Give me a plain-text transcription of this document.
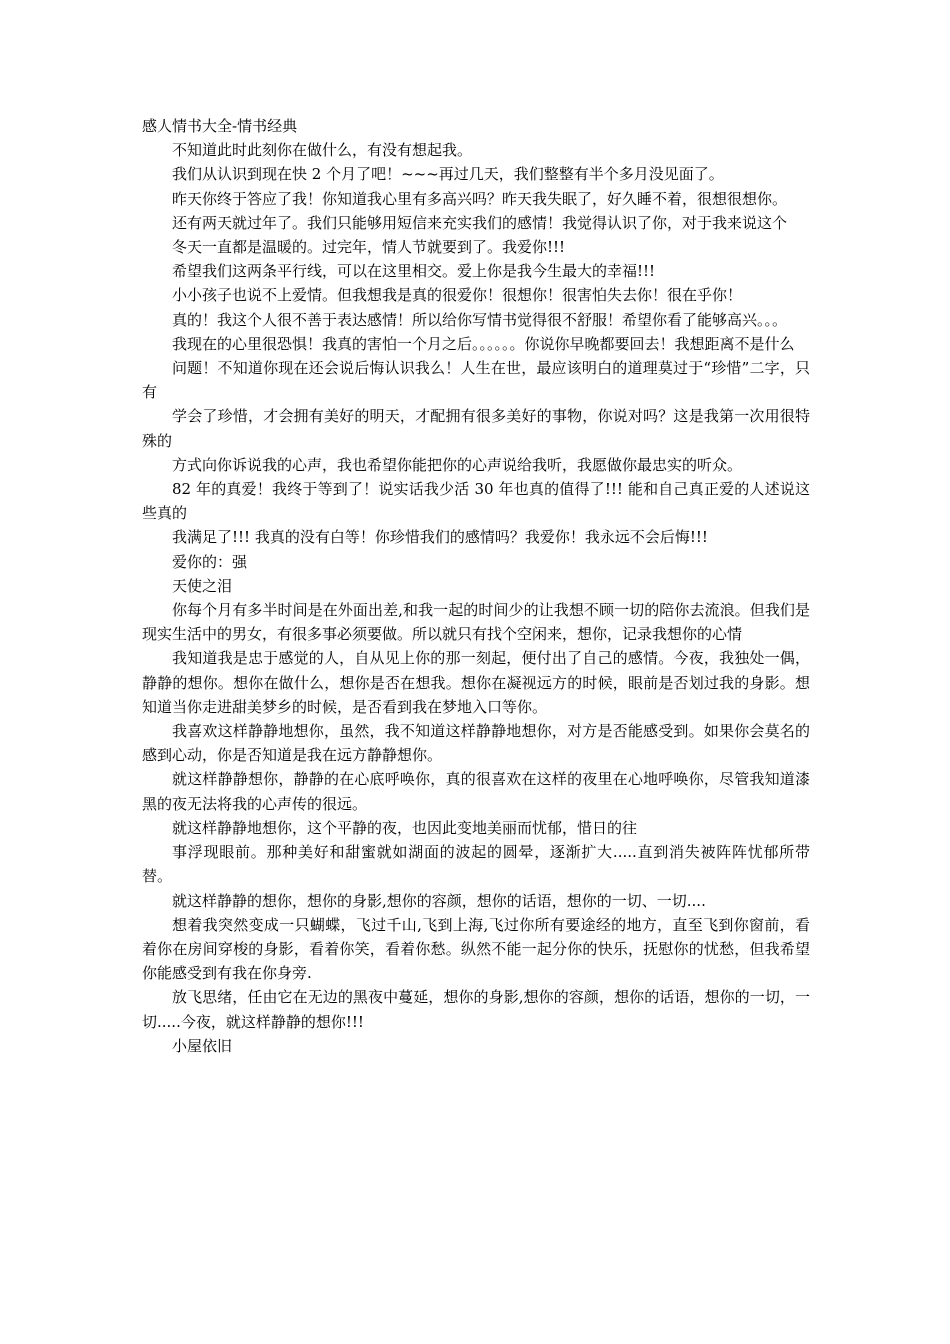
感人情书大全-情书经典

不知道此时此刻你在做什么，有没有想起我。

我们从认识到现在快 2 个月了吧！~~~再过几天，我们整整有半个多月没见面了。

昨天你终于答应了我！你知道我心里有多高兴吗？昨天我失眠了，好久睡不着，很想很想你。

还有两天就过年了。我们只能够用短信来充实我们的感情！我觉得认识了你，对于我来说这个

冬天一直都是温暖的。过完年，情人节就要到了。我爱你!!!

希望我们这两条平行线，可以在这里相交。爱上你是我今生最大的幸福!!!

小小孩子也说不上爱情。但我想我是真的很爱你！很想你！很害怕失去你！很在乎你！

真的！我这个人很不善于表达感情！所以给你写情书觉得很不舒服！希望你看了能够高兴。。。

我现在的心里很恐惧！我真的害怕一个月之后。。。。。。你说你早晚都要回去！我想距离不是什么

问题！不知道你现在还会说后悔认识我么！人生在世，最应该明白的道理莫过于“珍惜”二字，只有

学会了珍惜，才会拥有美好的明天，才配拥有很多美好的事物，你说对吗？这是我第一次用很特殊的

方式向你诉说我的心声，我也希望你能把你的心声说给我听，我愿做你最忠实的听众。

82 年的真爱！我终于等到了！说实话我少活 30 年也真的值得了!!! 能和自己真正爱的人述说这些真的

我满足了!!! 我真的没有白等！你珍惜我们的感情吗？我爱你！我永远不会后悔!!!

爱你的：强

天使之泪

你每个月有多半时间是在外面出差,和我一起的时间少的让我想不顾一切的陪你去流浪。但我们是现实生活中的男女，有很多事必须要做。所以就只有找个空闲来，想你，记录我想你的心情

我知道我是忠于感觉的人，自从见上你的那一刻起，便付出了自己的感情。今夜，我独处一偶，静静的想你。想你在做什么，想你是否在想我。想你在凝视远方的时候，眼前是否划过我的身影。想知道当你走进甜美梦乡的时候，是否看到我在梦地入口等你。

我喜欢这样静静地想你，虽然，我不知道这样静静地想你，对方是否能感受到。如果你会莫名的感到心动，你是否知道是我在远方静静想你。

就这样静静想你，静静的在心底呼唤你，真的很喜欢在这样的夜里在心地呼唤你，尽管我知道漆黑的夜无法将我的心声传的很远。

就这样静静地想你，这个平静的夜，也因此变地美丽而忧郁，惜日的往

事浮现眼前。那种美好和甜蜜就如湖面的波起的圆晕，逐渐扩大.....直到消失被阵阵忧郁所带替。

就这样静静的想你，想你的身影,想你的容颜，想你的话语，想你的一切、一切....

想着我突然变成一只蝴蝶，飞过千山,飞到上海,飞过你所有要途经的地方，直至飞到你窗前，看着你在房间穿梭的身影，看着你笑，看着你愁。纵然不能一起分你的快乐，抚慰你的忧愁，但我希望你能感受到有我在你身旁.

放飞思绪，任由它在无边的黑夜中蔓延，想你的身影,想你的容颜，想你的话语，想你的一切，一切.....今夜，就这样静静的想你!!!

小屋依旧
